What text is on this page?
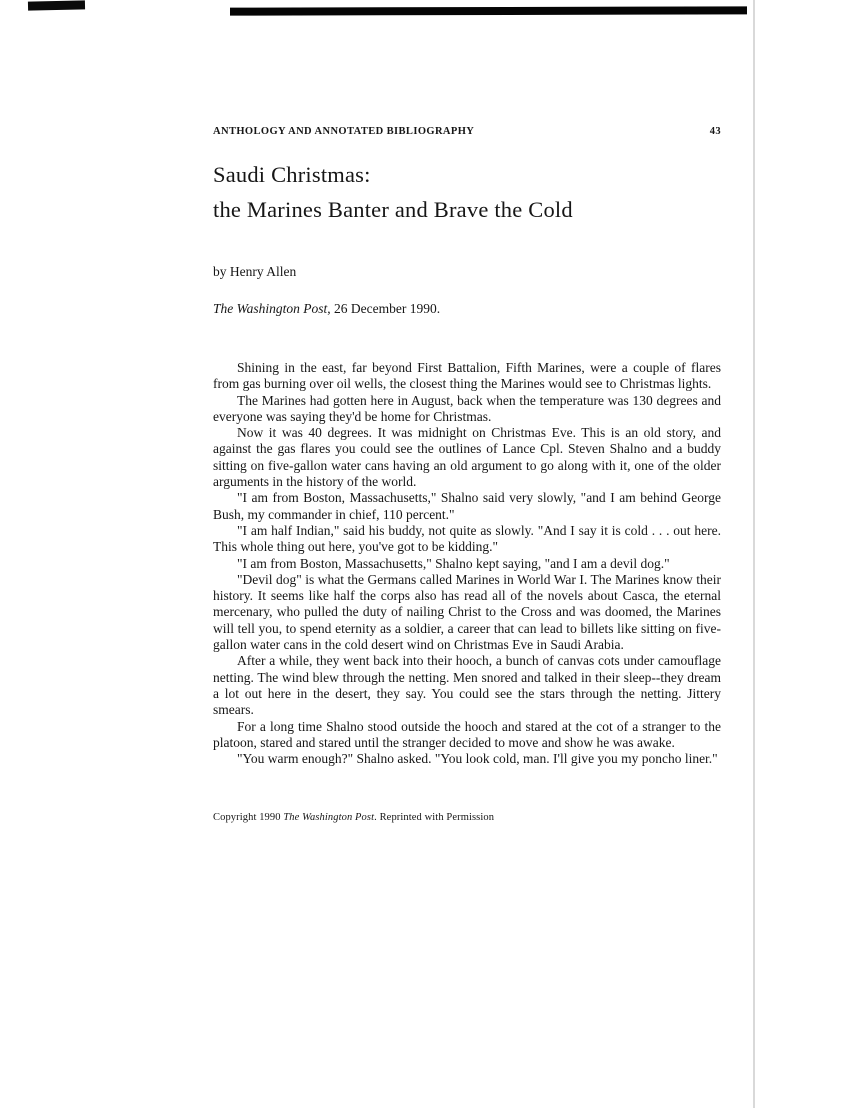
ANTHOLOGY AND ANNOTATED BIBLIOGRAPHY	43
Saudi Christmas:
the Marines Banter and Brave the Cold

by Henry Allen

The Washington Post, 26 December 1990.

Shining in the east, far beyond First Battalion, Fifth Marines, were a couple of flares from gas burning over oil wells, the closest thing the Marines would see to Christmas lights.

The Marines had gotten here in August, back when the temperature was 130 degrees and everyone was saying they'd be home for Christmas.

Now it was 40 degrees. It was midnight on Christmas Eve. This is an old story, and against the gas flares you could see the outlines of Lance Cpl. Steven Shalno and a buddy sitting on five-gallon water cans having an old argument to go along with it, one of the older arguments in the history of the world.

"I am from Boston, Massachusetts," Shalno said very slowly, "and I am behind George Bush, my commander in chief, 110 percent."

"I am half Indian," said his buddy, not quite as slowly. "And I say it is cold . . . out here. This whole thing out here, you've got to be kidding."

"I am from Boston, Massachusetts," Shalno kept saying, "and I am a devil dog."

"Devil dog" is what the Germans called Marines in World War I. The Marines know their history. It seems like half the corps also has read all of the novels about Casca, the eternal mercenary, who pulled the duty of nailing Christ to the Cross and was doomed, the Marines will tell you, to spend eternity as a soldier, a career that can lead to billets like sitting on five-gallon water cans in the cold desert wind on Christmas Eve in Saudi Arabia.

After a while, they went back into their hooch, a bunch of canvas cots under camouflage netting. The wind blew through the netting. Men snored and talked in their sleep--they dream a lot out here in the desert, they say. You could see the stars through the netting. Jittery smears.

For a long time Shalno stood outside the hooch and stared at the cot of a stranger to the platoon, stared and stared until the stranger decided to move and show he was awake.

"You warm enough?" Shalno asked. "You look cold, man. I'll give you my poncho liner."

Copyright 1990 The Washington Post. Reprinted with Permission
